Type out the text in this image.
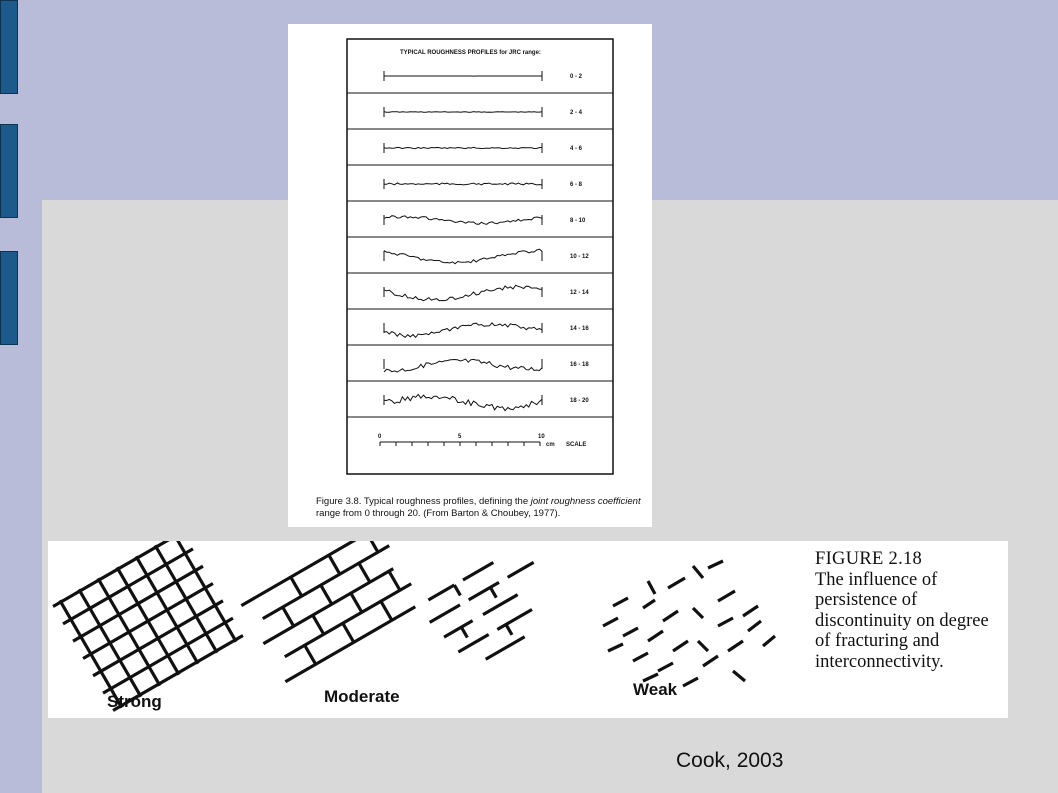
TYPICAL ROUGHNESS PROFILES for JRC range:
0 - 2
2 - 4
4 - 6
6 - 8
8 - 10
10 - 12
12 - 14
14 - 16
16 - 18
18 - 20
0	5	10
cm SCALE
Figure 3.8. Typical roughness profiles, defining the joint roughness coefficient range from 0 through 20. (From Barton & Choubey, 1977).
Strong	Moderate	Weak
FIGURE 2.18
The influence of persistence of discontinuity on degree of fracturing and interconnectivity.
Cook, 2003
